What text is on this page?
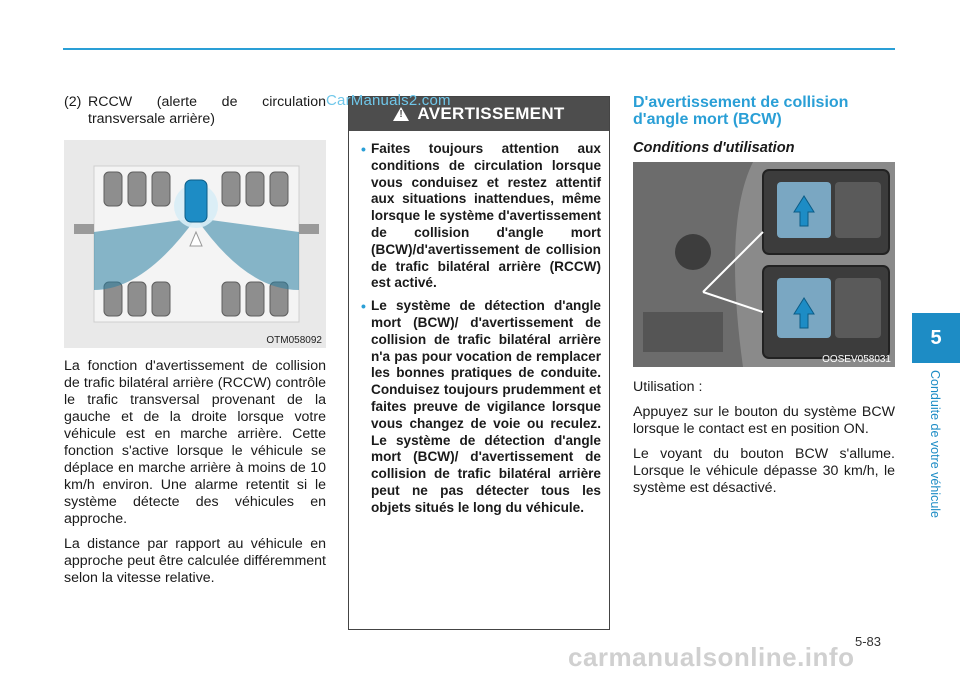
CarManuals2.com
(2) RCCW (alerte de circulation transversale arrière)
OTM058092

La fonction d'avertissement de collision de trafic bilatéral arrière (RCCW) contrôle le trafic transversal provenant de la gauche et de la droite lorsque votre véhicule est en marche arrière. Cette fonction s'active lorsque le véhicule se déplace en marche arrière à moins de 10 km/h environ. Une alarme retentit si le système détecte des véhicules en approche.

La distance par rapport au véhicule en approche peut être calculée différemment selon la vitesse relative.

!
AVERTISSEMENT
• Faites toujours attention aux conditions de circulation lorsque vous conduisez et restez attentif aux situations inattendues, même lorsque le système d'avertissement de collision d'angle mort (BCW)/d'avertissement de collision de trafic bilatéral arrière (RCCW) est activé.
• Le système de détection d'angle mort (BCW)/ d'avertissement de collision de trafic bilatéral arrière n'a pas pour vocation de remplacer les bonnes pratiques de conduite. Conduisez toujours prudemment et faites preuve de vigilance lorsque vous changez de voie ou reculez. Le système de détection d'angle mort (BCW)/ d'avertissement de collision de trafic bilatéral arrière peut ne pas détecter tous les objets situés le long du véhicule.
D'avertissement de collision d'angle mort (BCW)
Conditions d'utilisation
OOSEV058031

Utilisation :

Appuyez sur le bouton du système BCW lorsque le contact est en position ON.

Le voyant du bouton BCW s'allume. Lorsque le véhicule dépasse 30 km/h, le système est désactivé.

5
Conduite de votre véhicule
5-83
carmanualsonline.info
